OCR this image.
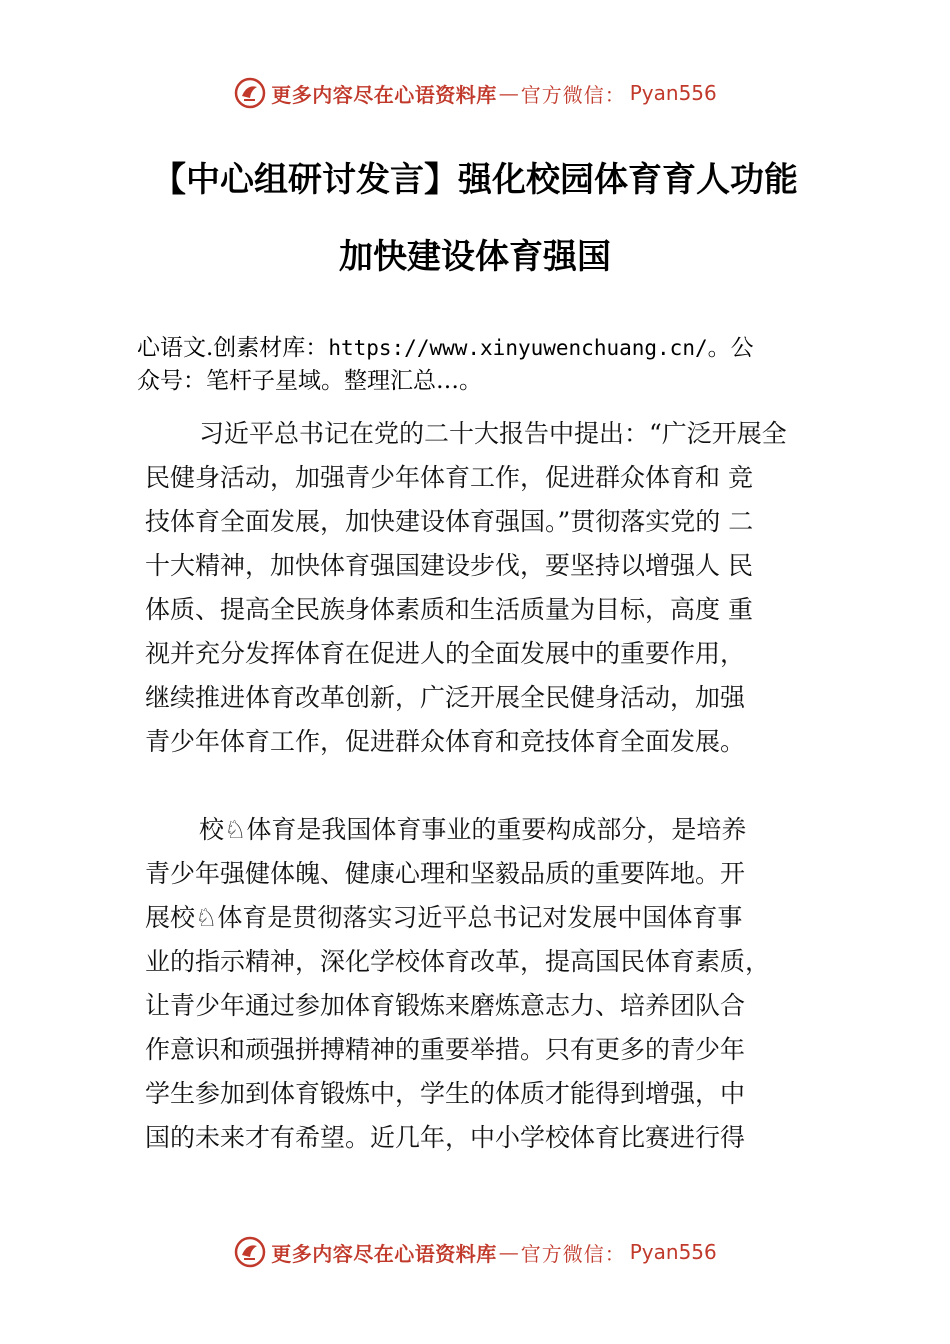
更多内容尽在心语资料库 — 官方微信： Pyan556
【中心组研讨发言】强化校园体育育人功能
加快建设体育强国
心语文.创素材库：https://www.xinyuwenchuang.cn/。公
众号：笔杆子星域。整理汇总…。
习近平总书记在党的二十大报告中提出：“广泛开展全
民健身活动，加强青少年体育工作，促进群众体育和 竞
技体育全面发展，加快建设体育强国。”贯彻落实党的 二
十大精神，加快体育强国建设步伐，要坚持以增强人 民
体质、提高全民族身体素质和生活质量为目标，高度 重
视并充分发挥体育在促进人的全面发展中的重要作用，
继续推进体育改革创新，广泛开展全民健身活动，加强
青少年体育工作，促进群众体育和竞技体育全面发展。
校♘体育是我国体育事业的重要构成部分，是培养
青少年强健体魄、健康心理和坚毅品质的重要阵地。开
展校♘体育是贯彻落实习近平总书记对发展中国体育事
业的指示精神，深化学校体育改革，提高国民体育素质，
让青少年通过参加体育锻炼来磨炼意志力、培养团队合
作意识和顽强拼搏精神的重要举措。只有更多的青少年
学生参加到体育锻炼中，学生的体质才能得到增强，中
国的未来才有希望。近几年，中小学校体育比赛进行得
更多内容尽在心语资料库 — 官方微信： Pyan556
